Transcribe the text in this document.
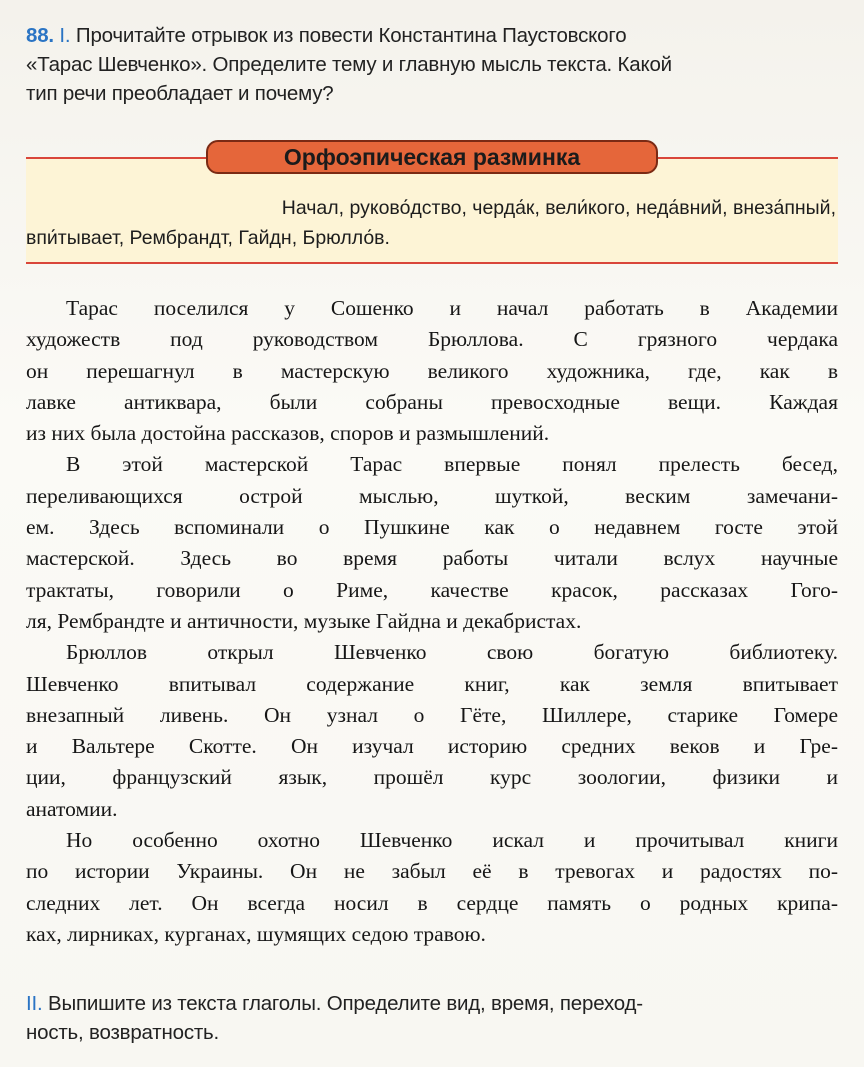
88. I. Прочитайте отрывок из повести Константина Паустовского
«Тарас Шевченко». Определите тему и главную мысль текста. Какой
тип речи преобладает и почему?
Орфоэпическая разминка
Начал, руково́дство, черда́к, вели́кого, неда́вний, внеза́пный,
впи́тывает, Рембрандт, Гайдн, Брюлло́в.
Тарас поселился у Сошенко и начал работать в Академии
художеств под руководством Брюллова. С грязного чердака
он перешагнул в мастерскую великого художника, где, как в
лавке антиквара, были собраны превосходные вещи. Каждая
из них была достойна рассказов, споров и размышлений.
В этой мастерской Тарас впервые понял прелесть бесед,
переливающихся острой мыслью, шуткой, веским замечани-
ем. Здесь вспоминали о Пушкине как о недавнем госте этой
мастерской. Здесь во время работы читали вслух научные
трактаты, говорили о Риме, качестве красок, рассказах Гого-
ля, Рембрандте и античности, музыке Гайдна и декабристах.
Брюллов открыл Шевченко свою богатую библиотеку.
Шевченко впитывал содержание книг, как земля впитывает
внезапный ливень. Он узнал о Гёте, Шиллере, старике Гомере
и Вальтере Скотте. Он изучал историю средних веков и Гре-
ции, французский язык, прошёл курс зоологии, физики и
анатомии.
Но особенно охотно Шевченко искал и прочитывал книги
по истории Украины. Он не забыл её в тревогах и радостях по-
следних лет. Он всегда носил в сердце память о родных крипа-
ках, лирниках, курганах, шумящих седою травою.
II. Выпишите из текста глаголы. Определите вид, время, переход-
ность, возвратность.
